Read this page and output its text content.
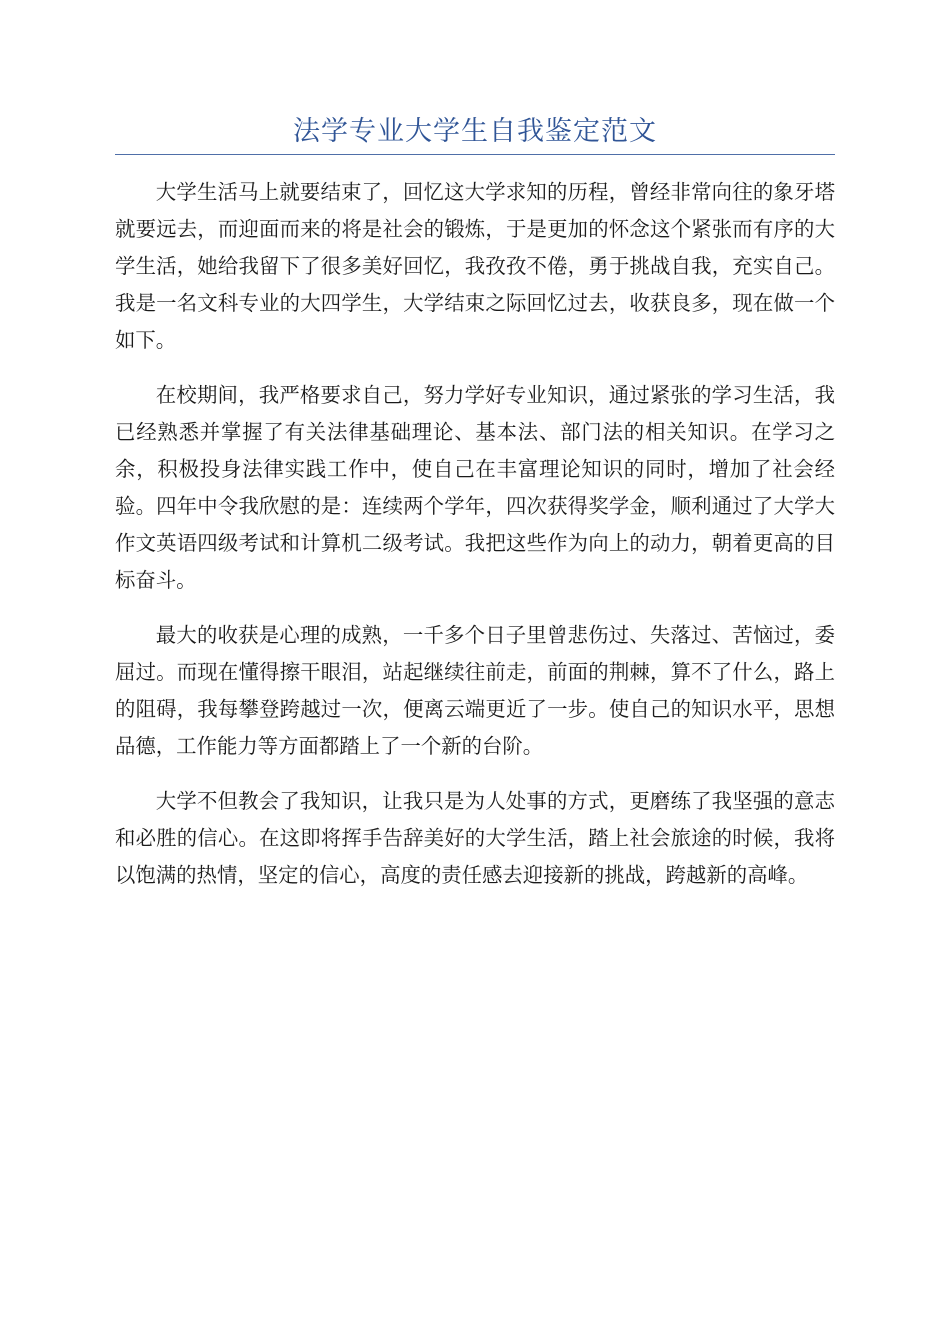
法学专业大学生自我鉴定范文

大学生活马上就要结束了，回忆这大学求知的历程，曾经非常向往的象牙塔就要远去，而迎面而来的将是社会的锻炼，于是更加的怀念这个紧张而有序的大学生活，她给我留下了很多美好回忆，我孜孜不倦，勇于挑战自我，充实自己。我是一名文科专业的大四学生，大学结束之际回忆过去，收获良多，现在做一个如下。

在校期间，我严格要求自己，努力学好专业知识，通过紧张的学习生活，我已经熟悉并掌握了有关法律基础理论、基本法、部门法的相关知识。在学习之余，积极投身法律实践工作中，使自己在丰富理论知识的同时，增加了社会经验。四年中令我欣慰的是：连续两个学年，四次获得奖学金，顺利通过了大学大作文英语四级考试和计算机二级考试。我把这些作为向上的动力，朝着更高的目标奋斗。

最大的收获是心理的成熟，一千多个日子里曾悲伤过、失落过、苦恼过，委屈过。而现在懂得擦干眼泪，站起继续往前走，前面的荆棘，算不了什么，路上的阻碍，我每攀登跨越过一次，便离云端更近了一步。使自己的知识水平，思想品德，工作能力等方面都踏上了一个新的台阶。

大学不但教会了我知识，让我只是为人处事的方式，更磨练了我坚强的意志和必胜的信心。在这即将挥手告辞美好的大学生活，踏上社会旅途的时候，我将以饱满的热情，坚定的信心，高度的责任感去迎接新的挑战，跨越新的高峰。
